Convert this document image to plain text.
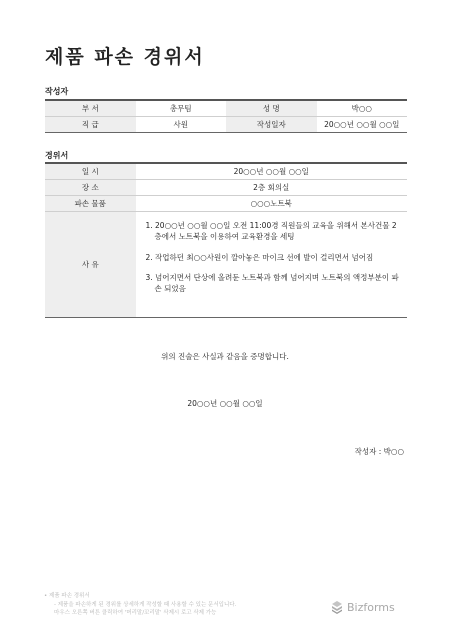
제품 파손 경위서
작성자
부 서	총무팀	성 명	박○○
직 급	사원	작성일자	20○○년 ○○월 ○○일
경위서
일 시	20○○년 ○○월 ○○일
장 소	2층 회의실
파손 물품	○○○노트북
사 유	1. 20○○년 ○○월 ○○일 오전 11:00경 직원들의 교육을 위해서 본사건물 2층에서 노트북을 이용하여 교육환경을 세팅
2. 작업하던 최○○사원이 깔아놓은 마이크 선에 발이 걸리면서 넘어짐
3. 넘어지면서 단상에 올려둔 노트북과 함께 넘어지며 노트북의 액정부분이 파손 되었음
위의 진술은 사실과 같음을 증명합니다.
20○○년 ○○월 ○○일
작성자 : 박○○
• 제품 파손 경위서
- 제품을 파손하게 된 경위를 상세하게 작성할 때 사용할 수 있는 문서입니다.
마우스 오른쪽 버튼 클릭하여 '머리말/꼬리말' 삭제시 로고 삭제 가능	Bizforms
